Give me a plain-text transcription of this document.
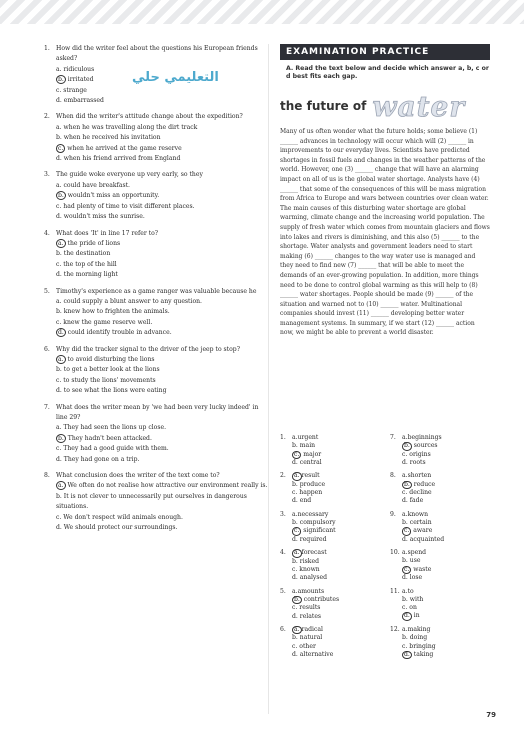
التعليمي حلي
1.	How did the writer feel about the questions his European friends asked?
a. ridiculous
b. irritated
c. strange
d. embarrassed
2.	When did the writer's attitude change about the expedition?
a. when he was travelling along the dirt track
b. when he received his invitation
c. when he arrived at the game reserve
d. when his friend arrived from England
3.	The guide woke everyone up very early, so they
a. could have breakfast.
b. wouldn't miss an opportunity.
c. had plenty of time to visit different places.
d. wouldn't miss the sunrise.
4.	What does 'It' in line 17 refer to?
a. the pride of lions
b. the destination
c. the top of the hill
d. the morning light
5.	Timothy's experience as a game ranger was valuable because he
a. could supply a blunt answer to any question.
b. knew how to frighten the animals.
c. knew the game reserve well.
d. could identify trouble in advance.
6.	Why did the tracker signal to the driver of the jeep to stop?
a. to avoid disturbing the lions
b. to get a better look at the lions
c. to study the lions' movements
d. to see what the lions were eating
7.	What does the writer mean by 'we had been very lucky indeed' in line 29?
a. They had seen the lions up close.
b. They hadn't been attacked.
c. They had a good guide with them.
d. They had gone on a trip.
8.	What conclusion does the writer of the text come to?
a. We often do not realise how attractive our environment really is.
b. It is not clever to unnecessarily put ourselves in dangerous situations.
c. We don't respect wild animals enough.
d. We should protect our surroundings.
EXAMINATION PRACTICE
A. Read the text below and decide which answer a, b, c or d best fits each gap.
the future of water
Many of us often wonder what the future holds; some believe (1) ______ advances in technology will occur which will (2) ______ in improvements to our everyday lives. Scientists have predicted shortages in fossil fuels and changes in the weather patterns of the world. However, one (3) ______ change that will have an alarming impact on all of us is the global water shortage. Analysts have (4) ______ that some of the consequences of this will be mass migration from Africa to Europe and wars between countries over clean water. The main causes of this disturbing water shortage are global warming, climate change and the increasing world population. The supply of fresh water which comes from mountain glaciers and flows into lakes and rivers is diminishing, and this also (5) ______ to the shortage. Water analysts and government leaders need to start making (6) ______ changes to the way water use is managed and they need to find new (7) ______ that will be able to meet the demands of an ever-growing population. In addition, more things need to be done to control global warming as this will help to (8) ______ water shortages. People should be made (9) ______ of the situation and warned not to (10) ______ water. Multinational companies should invest (11) ______ developing better water management systems. In summary, if we start (12) ______ action now, we might be able to prevent a world disaster.
1.	a. urgent
b. main
c. major
d. central
2.	a. result
b. produce
c. happen
d. end
3.	a. necessary
b. compulsory
c. significant
d. required
4.	a. forecast
b. risked
c. known
d. analysed
5.	a. amounts
b. contributes
c. results
d. relates
6.	a. radical
b. natural
c. other
d. alternative
7.	a. beginnings
b. sources
c. origins
d. roots
8.	a. shorten
b. reduce
c. decline
d. fade
9.	a. known
b. certain
c. aware
d. acquainted
10. a. spend
b. use
c. waste
d. lose
11. a. to
b. with
c. on
d. in
12. a. making
b. doing
c. bringing
d. taking
79
